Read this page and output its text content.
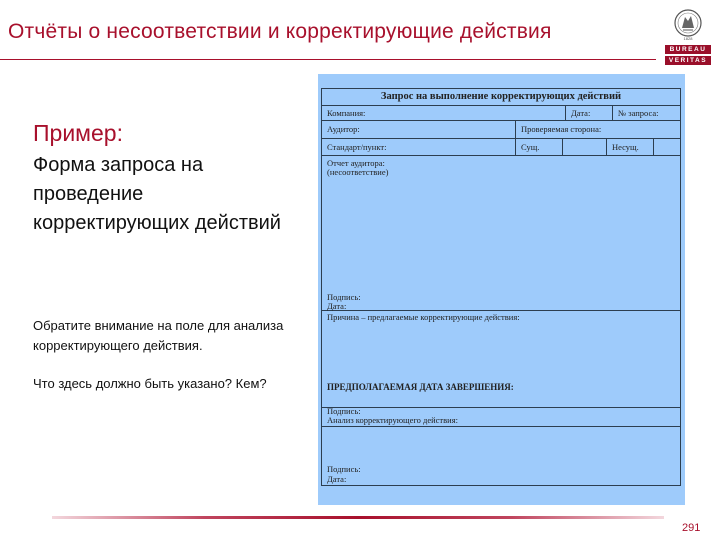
Отчёты о несоответствии и корректирующие действия	1828
BUREAU
VERITAS
Пример:
Форма запроса на проведение корректирующих действий

Обратите внимание на поле для анализа корректирующего действия.

Что здесь должно быть указано? Кем?

Запрос на выполнение корректирующих действий
Компания:	Дата:	№ запроса:
Аудитор:	Проверяемая сторона:
Стандарт/пункт:	Сущ.	Несущ.
Отчет аудитора:
(несоответствие)
Подпись:
Дата:
Причина – предлагаемые корректирующие действия:
ПРЕДПОЛАГАЕМАЯ ДАТА ЗАВЕРШЕНИЯ:
Подпись:
Анализ корректирующего действия:
Подпись:
Дата:
291
